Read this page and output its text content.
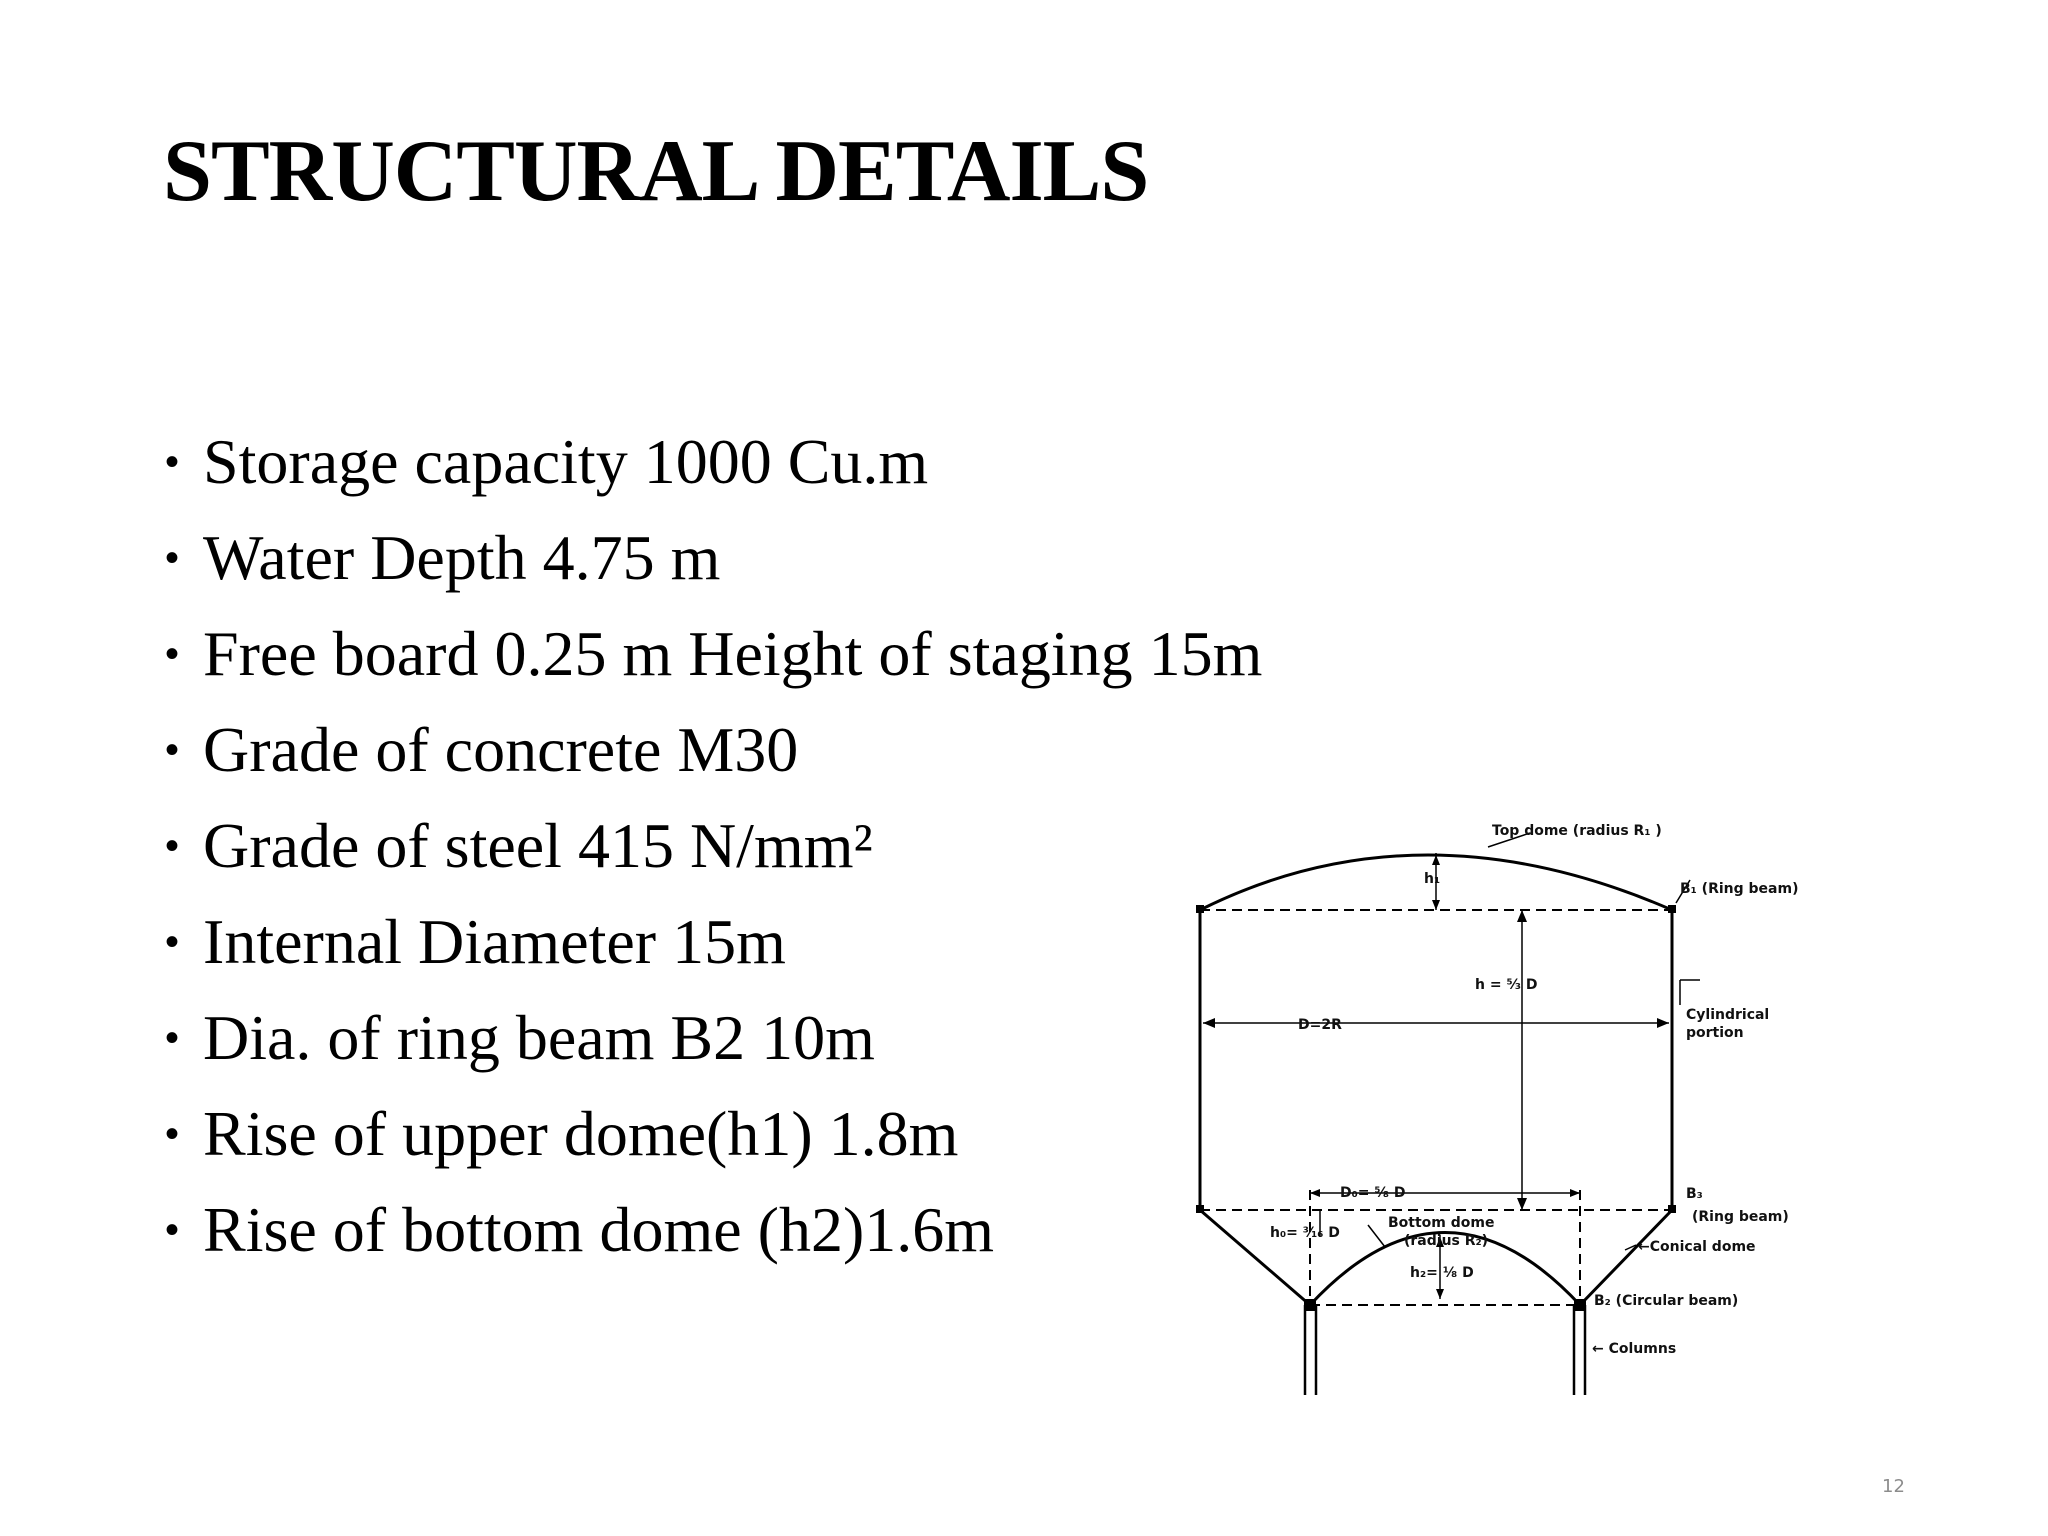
STRUCTURAL DETAILS
• Storage capacity 1000 Cu.m
• Water Depth 4.75 m
• Free board 0.25 m Height of staging 15m
• Grade of concrete M30
• Grade of steel 415 N/mm²
• Internal Diameter 15m
• Dia. of ring beam B2 10m
• Rise of upper dome(h1) 1.8m
• Rise of bottom dome (h2)1.6m
Top dome (radius R₁ )
h₁
B₁ (Ring beam)
h = ⁵⁄₃ D
Cylindrical
portion
D=2R
D₀= ⁵⁄₈ D	B₃
(Ring beam)
h₀= ³⁄₁₆ D
Bottom dome
(radius R₂)	←Conical dome
h₂= ¹⁄₈ D
B₂ (Circular beam)
← Columns
12
